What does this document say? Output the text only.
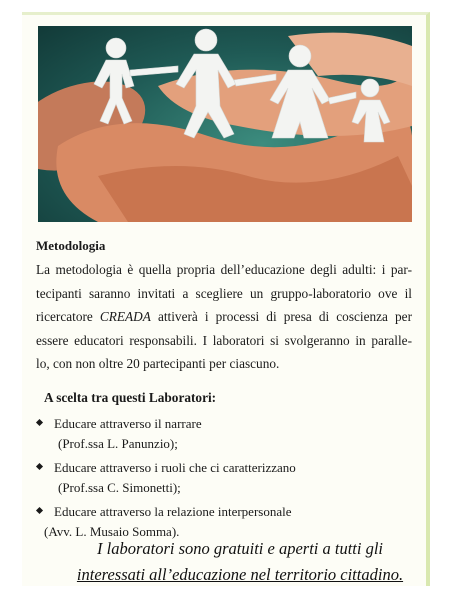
Metodologia
La metodologia è quella propria dell’educazione degli adulti: i par-
tecipanti saranno invitati a scegliere un gruppo-laboratorio ove il
ricercatore CREADA attiverà i processi di presa di coscienza per
essere educatori responsabili. I laboratori si svolgeranno in paralle-
lo, con non oltre 20 partecipanti per ciascuno.
A scelta tra questi Laboratori:
Educare attraverso il narrare
(Prof.ssa L. Panunzio);
Educare attraverso i ruoli che ci caratterizzano
(Prof.ssa C. Simonetti);
Educare attraverso la relazione interpersonale
(Avv. L. Musaio Somma).
I laboratori sono gratuiti e aperti a tutti gli
interessati all’educazione nel territorio cittadino.
